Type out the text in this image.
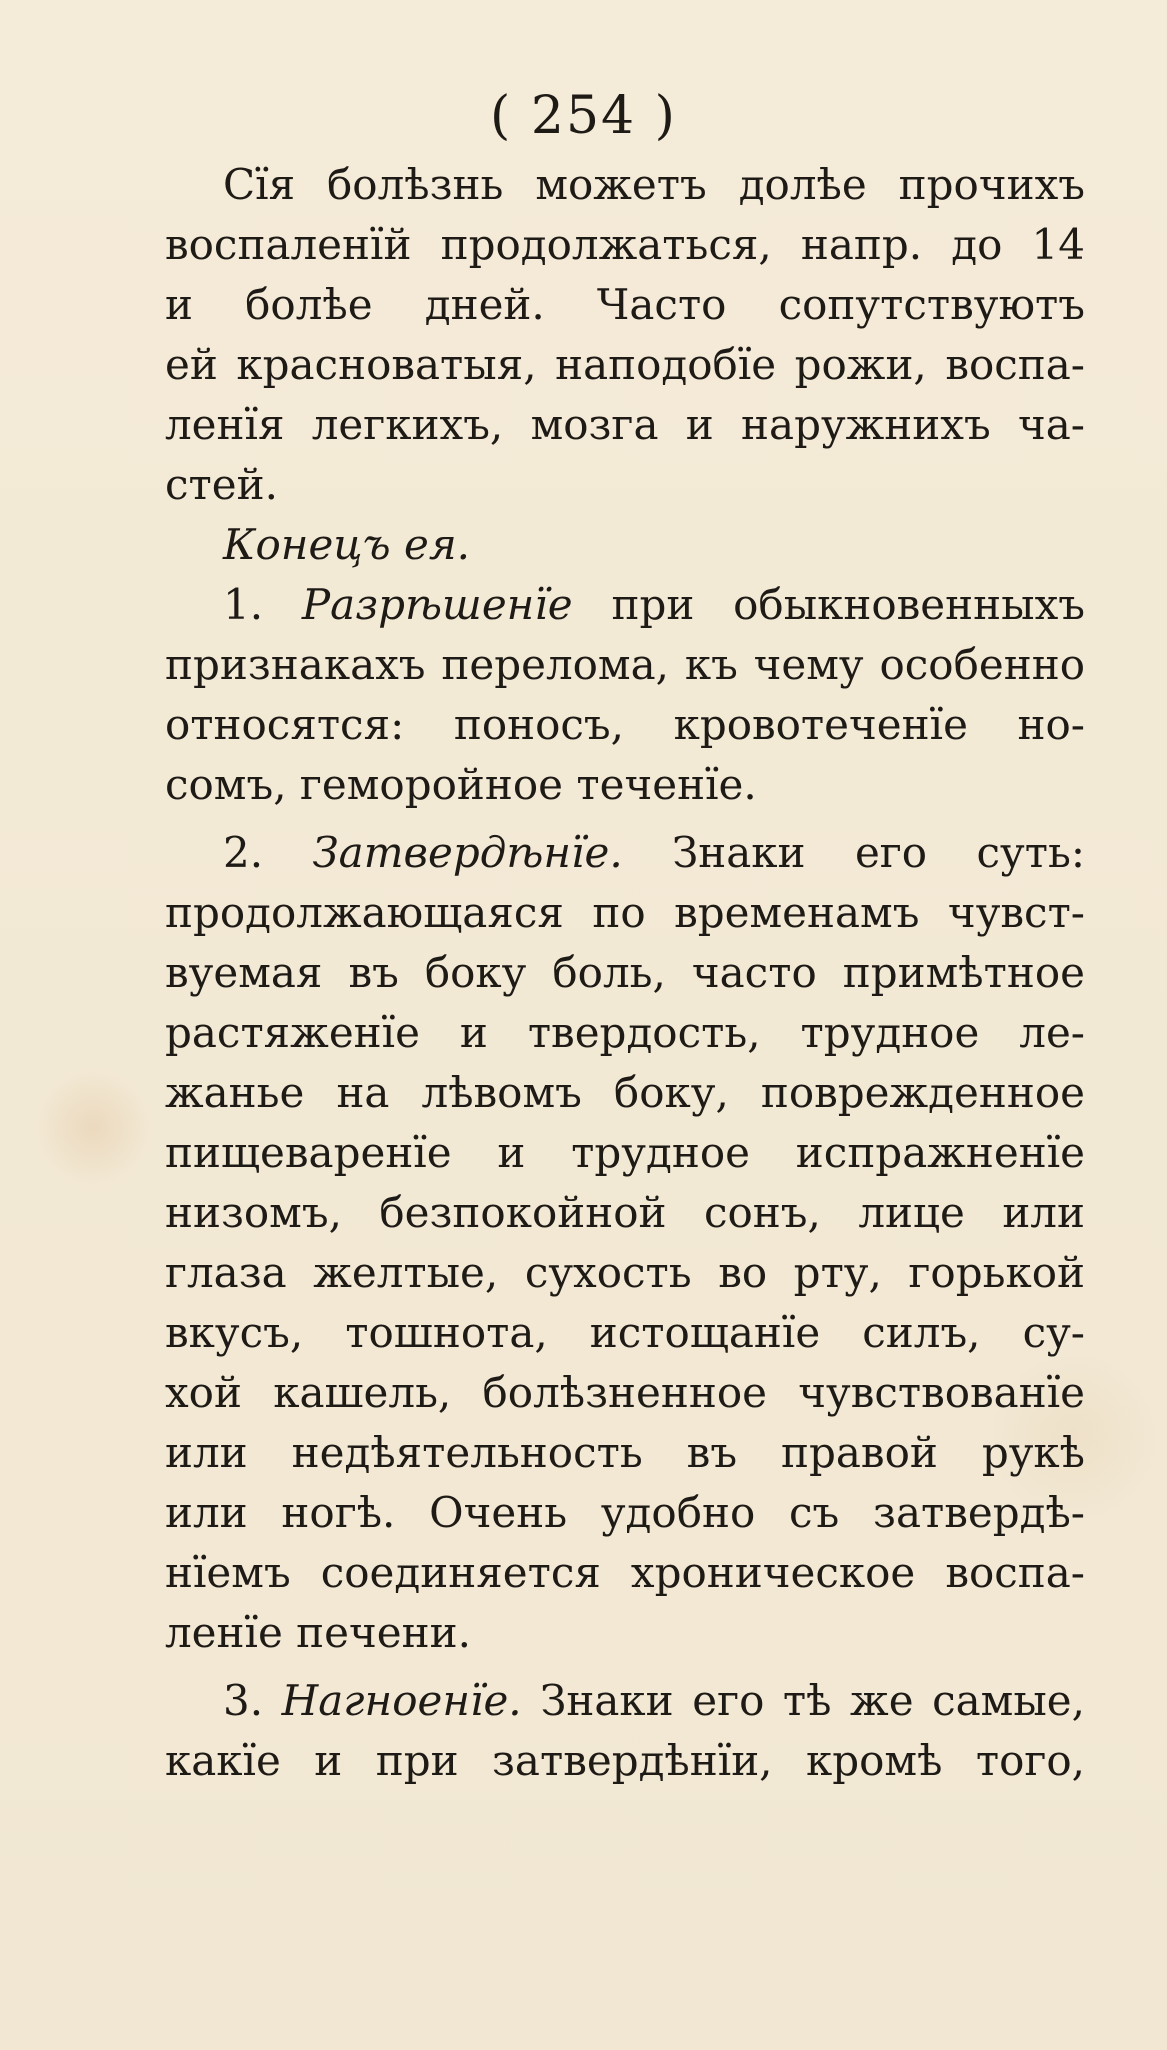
( 254 )
Сїя болѣзнь можетъ долѣе прочихъ
воспаленїй продолжаться, напр. до 14
и болѣе дней. Часто сопутствуютъ
ей красноватыя, наподобїе рожи, воспа-
ленїя легкихъ, мозга и наружнихъ ча-
стей.
Конецъ ея.
1. Разрѣшенїе при обыкновенныхъ
признакахъ перелома, къ чему особенно
относятся: поносъ, кровотеченїе но-
сомъ, геморойное теченїе.
2. Затвердѣнїе. Знаки его суть:
продолжающаяся по временамъ чувст-
вуемая въ боку боль, часто примѣтное
растяженїе и твердость, трудное ле-
жанье на лѣвомъ боку, поврежденное
пищеваренїе и трудное испражненїе
низомъ, безпокойной сонъ, лице или
глаза желтые, сухость во рту, горькой
вкусъ, тошнота, истощанїе силъ, су-
хой кашель, болѣзненное чувствованїе
или недѣятельность въ правой рукѣ
или ногѣ. Очень удобно съ затвердѣ-
нїемъ соединяется хроническое воспа-
ленїе печени.
3. Нагноенїе. Знаки его тѣ же самые,
какїе и при затвердѣнїи, кромѣ того,
